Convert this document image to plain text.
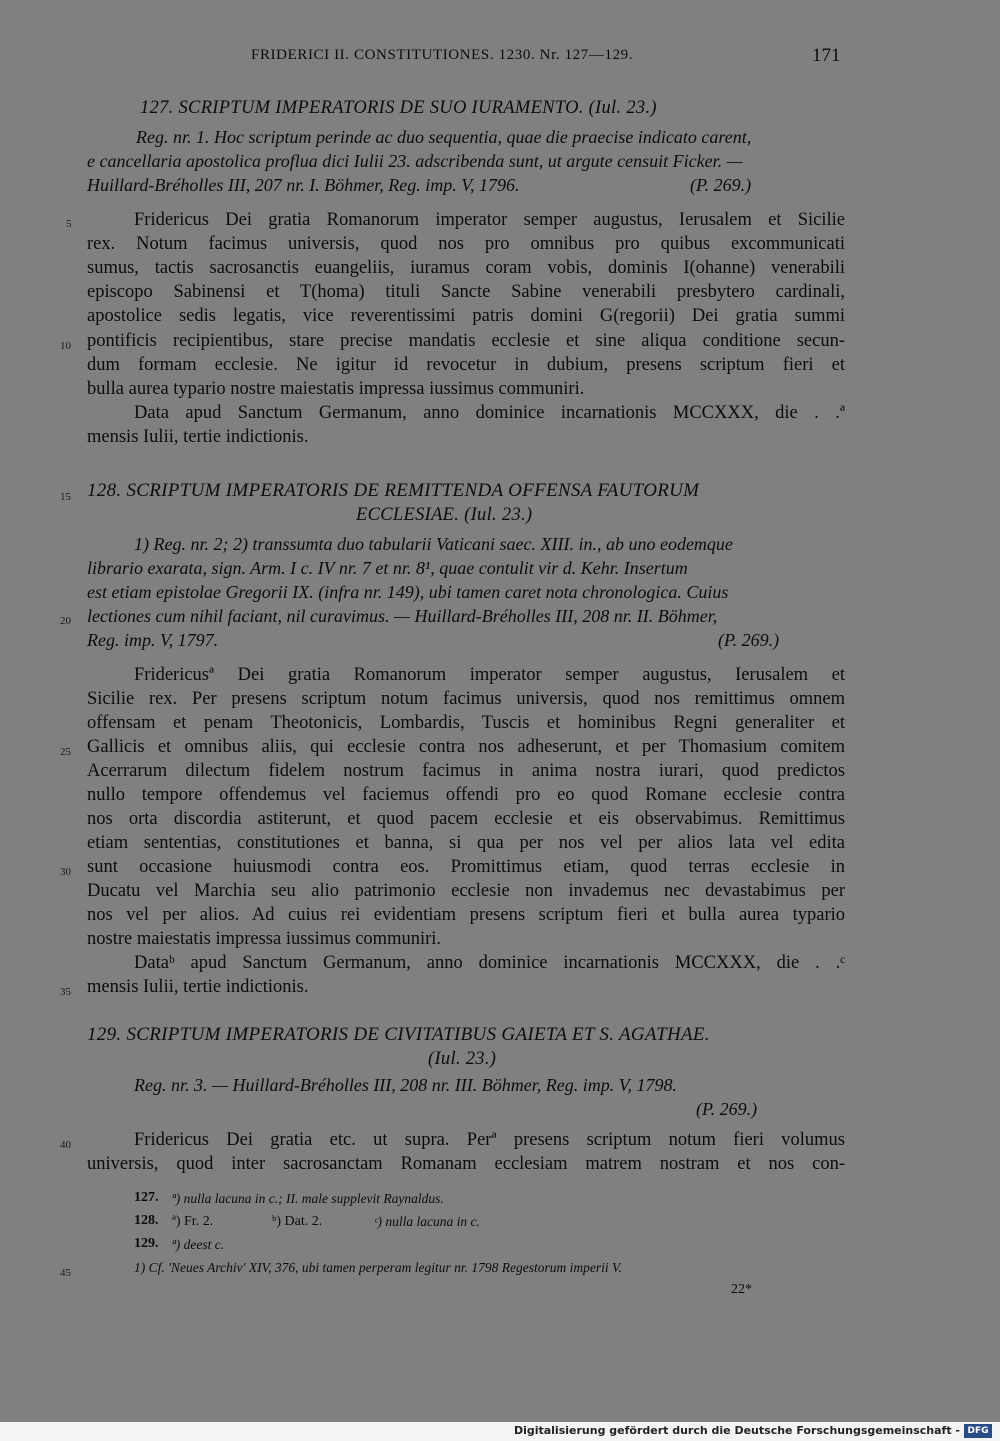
FRIDERICI II. CONSTITUTIONES. 1230. Nr. 127—129.	171
127. SCRIPTUM IMPERATORIS DE SUO IURAMENTO. (Iul. 23.)
Reg. nr. 1. Hoc scriptum perinde ac duo sequentia, quae die praecise indicato carent,
e cancellaria apostolica proflua dici Iulii 23. adscribenda sunt, ut argute censuit Ficker. —
Huillard-Bréholles III, 207 nr. I. Böhmer, Reg. imp. V, 1796.	(P. 269.)
5	Fridericus Dei gratia Romanorum imperator semper augustus, Ierusalem et Sicilie
rex. Notum facimus universis, quod nos pro omnibus pro quibus excommunicati
sumus, tactis sacrosanctis euangeliis, iuramus coram vobis, dominis I(ohanne) venerabili
episcopo Sabinensi et T(homa) tituli Sancte Sabine venerabili presbytero cardinali,
apostolice sedis legatis, vice reverentissimi patris domini G(regorii) Dei gratia summi
10 pontificis recipientibus, stare precise mandatis ecclesie et sine aliqua conditione secun-
dum formam ecclesie. Ne igitur id revocetur in dubium, presens scriptum fieri et
bulla aurea typario nostre maiestatis impressa iussimus communiri.
Data apud Sanctum Germanum, anno dominice incarnationis MCCXXX, die . .ª
mensis Iulii, tertie indictionis.
15 128. SCRIPTUM IMPERATORIS DE REMITTENDA OFFENSA FAUTORUM
ECCLESIAE. (Iul. 23.)
1) Reg. nr. 2; 2) transsumta duo tabularii Vaticani saec. XIII. in., ab uno eodemque
librario exarata, sign. Arm. I c. IV nr. 7 et nr. 8¹, quae contulit vir d. Kehr. Insertum
est etiam epistolae Gregorii IX. (infra nr. 149), ubi tamen caret nota chronologica. Cuius
20 lectiones cum nihil faciant, nil curavimus. — Huillard-Bréholles III, 208 nr. II. Böhmer,
Reg. imp. V, 1797.	(P. 269.)
Fridericusª Dei gratia Romanorum imperator semper augustus, Ierusalem et
Sicilie rex. Per presens scriptum notum facimus universis, quod nos remittimus omnem
offensam et penam Theotonicis, Lombardis, Tuscis et hominibus Regni generaliter et
25 Gallicis et omnibus aliis, qui ecclesie contra nos adheserunt, et per Thomasium comitem
Acerrarum dilectum fidelem nostrum facimus in anima nostra iurari, quod predictos
nullo tempore offendemus vel faciemus offendi pro eo quod Romane ecclesie contra
nos orta discordia astiterunt, et quod pacem ecclesie et eis observabimus. Remittimus
etiam sententias, constitutiones et banna, si qua per nos vel per alios lata vel edita
30 sunt occasione huiusmodi contra eos. Promittimus etiam, quod terras ecclesie in
Ducatu vel Marchia seu alio patrimonio ecclesie non invademus nec devastabimus per
nos vel per alios. Ad cuius rei evidentiam presens scriptum fieri et bulla aurea typario
nostre maiestatis impressa iussimus communiri.
Dataᵇ apud Sanctum Germanum, anno dominice incarnationis MCCXXX, die . .ᶜ
35 mensis Iulii, tertie indictionis.
129. SCRIPTUM IMPERATORIS DE CIVITATIBUS GAIETA ET S. AGATHAE.
(Iul. 23.)
Reg. nr. 3. — Huillard-Bréholles III, 208 nr. III. Böhmer, Reg. imp. V, 1798.
(P. 269.)
40	Fridericus Dei gratia etc. ut supra. Perª presens scriptum notum fieri volumus
universis, quod inter sacrosanctam Romanam ecclesiam matrem nostram et nos con-
127. ª) nulla lacuna in c.; II. male supplevit Raynaldus.
128. ª) Fr. 2.	ᵇ) Dat. 2.	ᶜ) nulla lacuna in c.
129. ª) deest c.
45	1) Cf. 'Neues Archiv' XIV, 376, ubi tamen perperam legitur nr. 1798 Regestorum imperii V.
22*
Digitalisierung gefördert durch die Deutsche Forschungsgemeinschaft - DFG
